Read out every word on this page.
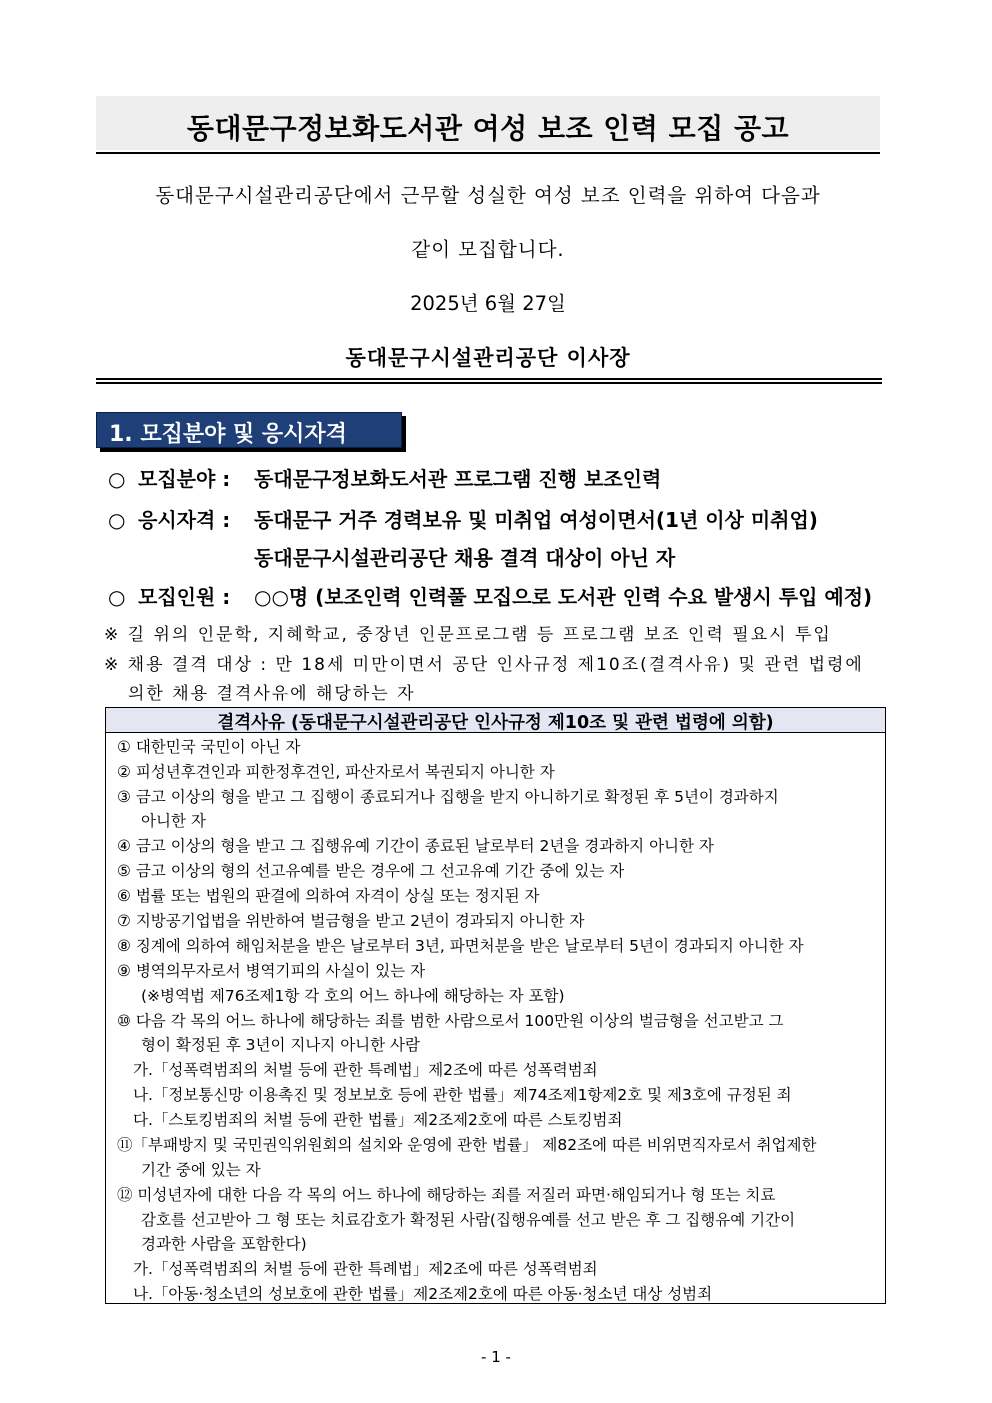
동대문구정보화도서관 여성 보조 인력 모집 공고
동대문구시설관리공단에서 근무할 성실한 여성 보조 인력을 위하여 다음과
같이 모집합니다.
2025년 6월 27일
동대문구시설관리공단 이사장
1. 모집분야 및 응시자격
○ 모집분야 : 동대문구정보화도서관 프로그램 진행 보조인력
○ 응시자격 : 동대문구 거주 경력보유 및 미취업 여성이면서(1년 이상 미취업)
동대문구시설관리공단 채용 결격 대상이 아닌 자
○ 모집인원 : ○○명 (보조인력 인력풀 모집으로 도서관 인력 수요 발생시 투입 예정)
※ 길 위의 인문학, 지혜학교, 중장년 인문프로그램 등 프로그램 보조 인력 필요시 투입
※ 채용 결격 대상 : 만 18세 미만이면서 공단 인사규정 제10조(결격사유) 및 관련 법령에
의한 채용 결격사유에 해당하는 자
결격사유 (동대문구시설관리공단 인사규정 제10조 및 관련 법령에 의함)
① 대한민국 국민이 아닌 자
② 피성년후견인과 피한정후견인, 파산자로서 복권되지 아니한 자
③ 금고 이상의 형을 받고 그 집행이 종료되거나 집행을 받지 아니하기로 확정된 후 5년이 경과하지
아니한 자
④ 금고 이상의 형을 받고 그 집행유예 기간이 종료된 날로부터 2년을 경과하지 아니한 자
⑤ 금고 이상의 형의 선고유예를 받은 경우에 그 선고유예 기간 중에 있는 자
⑥ 법률 또는 법원의 판결에 의하여 자격이 상실 또는 정지된 자
⑦ 지방공기업법을 위반하여 벌금형을 받고 2년이 경과되지 아니한 자
⑧ 징계에 의하여 해임처분을 받은 날로부터 3년, 파면처분을 받은 날로부터 5년이 경과되지 아니한 자
⑨ 병역의무자로서 병역기피의 사실이 있는 자
(※병역법 제76조제1항 각 호의 어느 하나에 해당하는 자 포함)
⑩ 다음 각 목의 어느 하나에 해당하는 죄를 범한 사람으로서 100만원 이상의 벌금형을 선고받고 그
형이 확정된 후 3년이 지나지 아니한 사람
가.「성폭력범죄의 처벌 등에 관한 특례법」제2조에 따른 성폭력범죄
나.「정보통신망 이용촉진 및 정보보호 등에 관한 법률」제74조제1항제2호 및 제3호에 규정된 죄
다.「스토킹범죄의 처벌 등에 관한 법률」제2조제2호에 따른 스토킹범죄
⑪「부패방지 및 국민권익위원회의 설치와 운영에 관한 법률」 제82조에 따른 비위면직자로서 취업제한
기간 중에 있는 자
⑫ 미성년자에 대한 다음 각 목의 어느 하나에 해당하는 죄를 저질러 파면·해임되거나 형 또는 치료
감호를 선고받아 그 형 또는 치료감호가 확정된 사람(집행유예를 선고 받은 후 그 집행유예 기간이
경과한 사람을 포함한다)
가.「성폭력범죄의 처벌 등에 관한 특례법」제2조에 따른 성폭력범죄
나.「아동·청소년의 성보호에 관한 법률」제2조제2호에 따른 아동·청소년 대상 성범죄
- 1 -
